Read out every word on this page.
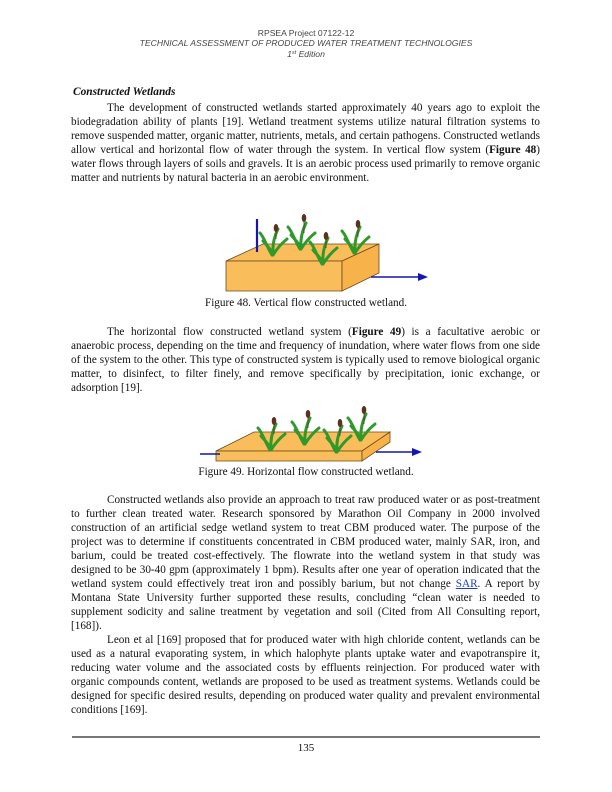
RPSEA Project 07122-12
TECHNICAL ASSESSMENT OF PRODUCED WATER TREATMENT TECHNOLOGIES
1st Edition
Constructed Wetlands

The development of constructed wetlands started approximately 40 years ago to exploit the biodegradation ability of plants [19]. Wetland treatment systems utilize natural filtration systems to remove suspended matter, organic matter, nutrients, metals, and certain pathogens. Constructed wetlands allow vertical and horizontal flow of water through the system. In vertical flow system (Figure 48) water flows through layers of soils and gravels. It is an aerobic process used primarily to remove organic matter and nutrients by natural bacteria in an aerobic environment.

Figure 48. Vertical flow constructed wetland.

The horizontal flow constructed wetland system (Figure 49) is a facultative aerobic or anaerobic process, depending on the time and frequency of inundation, where water flows from one side of the system to the other. This type of constructed system is typically used to remove biological organic matter, to disinfect, to filter finely, and remove specifically by precipitation, ionic exchange, or adsorption [19].

Figure 49. Horizontal flow constructed wetland.

Constructed wetlands also provide an approach to treat raw produced water or as post-treatment to further clean treated water. Research sponsored by Marathon Oil Company in 2000 involved construction of an artificial sedge wetland system to treat CBM produced water. The purpose of the project was to determine if constituents concentrated in CBM produced water, mainly SAR, iron, and barium, could be treated cost-effectively. The flowrate into the wetland system in that study was designed to be 30-40 gpm (approximately 1 bpm). Results after one year of operation indicated that the wetland system could effectively treat iron and possibly barium, but not change SAR. A report by Montana State University further supported these results, concluding “clean water is needed to supplement sodicity and saline treatment by vegetation and soil (Cited from All Consulting report, [168]).

Leon et al [169] proposed that for produced water with high chloride content, wetlands can be used as a natural evaporating system, in which halophyte plants uptake water and evapotranspire it, reducing water volume and the associated costs by effluents reinjection. For produced water with organic compounds content, wetlands are proposed to be used as treatment systems. Wetlands could be designed for specific desired results, depending on produced water quality and prevalent environmental conditions [169].

135
